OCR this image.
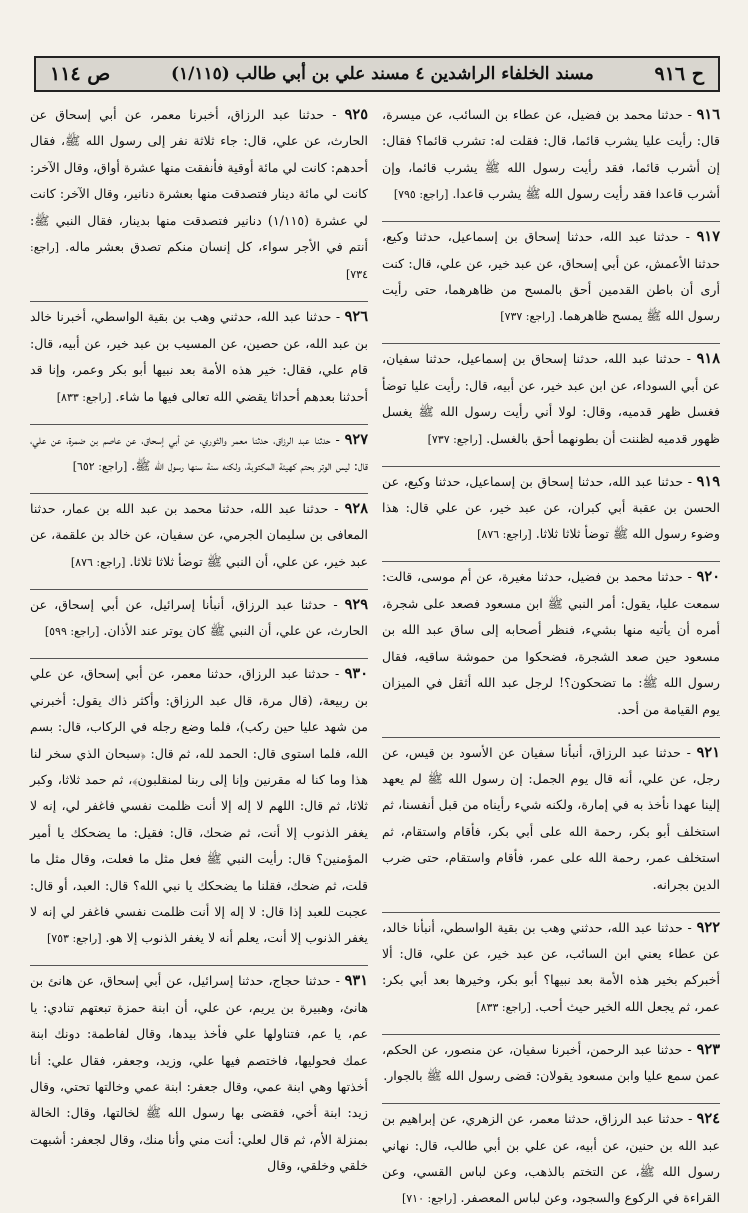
ص ١١٤	مسند الخلفاء الراشدين ٤ مسند علي بن أبي طالب (١/١١٥)	ح ٩١٦

٩١٦ - حدثنا محمد بن فضيل، عن عطاء بن السائب، عن ميسرة، قال: رأيت عليا يشرب قائما، قال: فقلت له: تشرب قائما؟ فقال: إن أشرب قائما، فقد رأيت رسول الله ﷺ يشرب قائما، وإن أشرب قاعدا فقد رأيت رسول الله ﷺ يشرب قاعدا. [راجع: ٧٩٥]

٩١٧ - حدثنا عبد الله، حدثنا إسحاق بن إسماعيل، حدثنا وكيع، حدثنا الأعمش، عن أبي إسحاق، عن عبد خير، عن علي، قال: كنت أرى أن باطن القدمين أحق بالمسح من ظاهرهما، حتى رأيت رسول الله ﷺ يمسح ظاهرهما. [راجع: ٧٣٧]

٩١٨ - حدثنا عبد الله، حدثنا إسحاق بن إسماعيل، حدثنا سفيان، عن أبي السوداء، عن ابن عبد خير، عن أبيه، قال: رأيت عليا توضأ فغسل ظهر قدميه، وقال: لولا أني رأيت رسول الله ﷺ يغسل ظهور قدميه لظننت أن بطونهما أحق بالغسل. [راجع: ٧٣٧]

٩١٩ - حدثنا عبد الله، حدثنا إسحاق بن إسماعيل، حدثنا وكيع، عن الحسن بن عقبة أبي كبران، عن عبد خير، عن علي قال: هذا وضوء رسول الله ﷺ توضأ ثلاثا ثلاثا. [راجع: ٨٧٦]

٩٢٠ - حدثنا محمد بن فضيل، حدثنا مغيرة، عن أم موسى، قالت: سمعت عليا، يقول: أمر النبي ﷺ ابن مسعود فصعد على شجرة، أمره أن يأتيه منها بشيء، فنظر أصحابه إلى ساق عبد الله بن مسعود حين صعد الشجرة، فضحكوا من حموشة ساقيه، فقال رسول الله ﷺ: ما تضحكون؟! لرجل عبد الله أثقل في الميزان يوم القيامة من أحد.

٩٢١ - حدثنا عبد الرزاق، أنبأنا سفيان عن الأسود بن قيس، عن رجل، عن علي، أنه قال يوم الجمل: إن رسول الله ﷺ لم يعهد إلينا عهدا نأخذ به في إمارة، ولكنه شيء رأيناه من قبل أنفسنا، ثم استخلف أبو بكر، رحمة الله على أبي بكر، فأقام واستقام، ثم استخلف عمر، رحمة الله على عمر، فأقام واستقام، حتى ضرب الدين بجرانه.

٩٢٢ - حدثنا عبد الله، حدثني وهب بن بقية الواسطي، أنبأنا خالد، عن عطاء يعني ابن السائب، عن عبد خير، عن علي، قال: ألا أخبركم بخير هذه الأمة بعد نبيها؟ أبو بكر، وخيرها بعد أبي بكر: عمر، ثم يجعل الله الخير حيث أحب. [راجع: ٨٣٣]

٩٢٣ - حدثنا عبد الرحمن، أخبرنا سفيان، عن منصور، عن الحكم، عمن سمع عليا وابن مسعود يقولان: قضى رسول الله ﷺ بالجوار.

٩٢٤ - حدثنا عبد الرزاق، حدثنا معمر، عن الزهري، عن إبراهيم بن عبد الله بن حنين، عن أبيه، عن علي بن أبي طالب، قال: نهاني رسول الله ﷺ، عن التختم بالذهب، وعن لباس القسي، وعن القراءة في الركوع والسجود، وعن لباس المعصفر. [راجع: ٧١٠]

٩٢٥ - حدثنا عبد الرزاق، أخبرنا معمر، عن أبي إسحاق عن الحارث، عن علي، قال: جاء ثلاثة نفر إلى رسول الله ﷺ، فقال أحدهم: كانت لي مائة أوقية فأنفقت منها عشرة أواق، وقال الآخر: كانت لي مائة دينار فتصدقت منها بعشرة دنانير، وقال الآخر: كانت لي عشرة (١/١١٥) دنانير فتصدقت منها بدينار، فقال النبي ﷺ: أنتم في الأجر سواء، كل إنسان منكم تصدق بعشر ماله. [راجع: ٧٣٤]

٩٢٦ - حدثنا عبد الله، حدثني وهب بن بقية الواسطي، أخبرنا خالد بن عبد الله، عن حصين، عن المسيب بن عبد خير، عن أبيه، قال: قام علي، فقال: خير هذه الأمة بعد نبيها أبو بكر وعمر، وإنا قد أحدثنا بعدهم أحداثا يقضي الله تعالى فيها ما شاء. [راجع: ٨٣٣]

٩٢٧ - حدثنا عبد الرزاق، حدثنا معمر والثوري، عن أبي إسحاق، عن عاصم بن ضمرة، عن علي، قال: ليس الوتر بحتم كهيئة المكتوبة، ولكنه سنة سنها رسول الله ﷺ. [راجع: ٦٥٢]

٩٢٨ - حدثنا عبد الله، حدثنا محمد بن عبد الله بن عمار، حدثنا المعافى بن سليمان الجرمي، عن سفيان، عن خالد بن علقمة، عن عبد خير، عن علي، أن النبي ﷺ توضأ ثلاثا ثلاثا. [راجع: ٨٧٦]

٩٢٩ - حدثنا عبد الرزاق، أنبأنا إسرائيل، عن أبي إسحاق، عن الحارث، عن علي، أن النبي ﷺ كان يوتر عند الأذان. [راجع: ٥٩٩]

٩٣٠ - حدثنا عبد الرزاق، حدثنا معمر، عن أبي إسحاق، عن علي بن ربيعة، (قال مرة، قال عبد الرزاق: وأكثر ذاك يقول: أخبرني من شهد عليا حين ركب)، فلما وضع رجله في الركاب، قال: بسم الله، فلما استوى قال: الحمد لله، ثم قال: ﴿سبحان الذي سخر لنا هذا وما كنا له مقرنين وإنا إلى ربنا لمنقلبون﴾، ثم حمد ثلاثا، وكبر ثلاثا، ثم قال: اللهم لا إله إلا أنت ظلمت نفسي فاغفر لي، إنه لا يغفر الذنوب إلا أنت، ثم ضحك، قال: فقيل: ما يضحكك يا أمير المؤمنين؟ قال: رأيت النبي ﷺ فعل مثل ما فعلت، وقال مثل ما قلت، ثم ضحك، فقلنا ما يضحكك يا نبي الله؟ قال: العبد، أو قال: عجبت للعبد إذا قال: لا إله إلا أنت ظلمت نفسي فاغفر لي إنه لا يغفر الذنوب إلا أنت، يعلم أنه لا يغفر الذنوب إلا هو. [راجع: ٧٥٣]

٩٣١ - حدثنا حجاج، حدثنا إسرائيل، عن أبي إسحاق، عن هانئ بن هانئ، وهبيرة بن يريم، عن علي، أن ابنة حمزة تبعتهم تنادي: يا عم، يا عم، فتناولها علي فأخذ بيدها، وقال لفاطمة: دونك ابنة عمك فحوليها، فاختصم فيها علي، وزيد، وجعفر، فقال علي: أنا أخذتها وهي ابنة عمي، وقال جعفر: ابنة عمي وخالتها تحتي، وقال زيد: ابنة أخي، فقضى بها رسول الله ﷺ لخالتها، وقال: الخالة بمنزلة الأم، ثم قال لعلي: أنت مني وأنا منك، وقال لجعفر: أشبهت خلقي وخلقي، وقال
